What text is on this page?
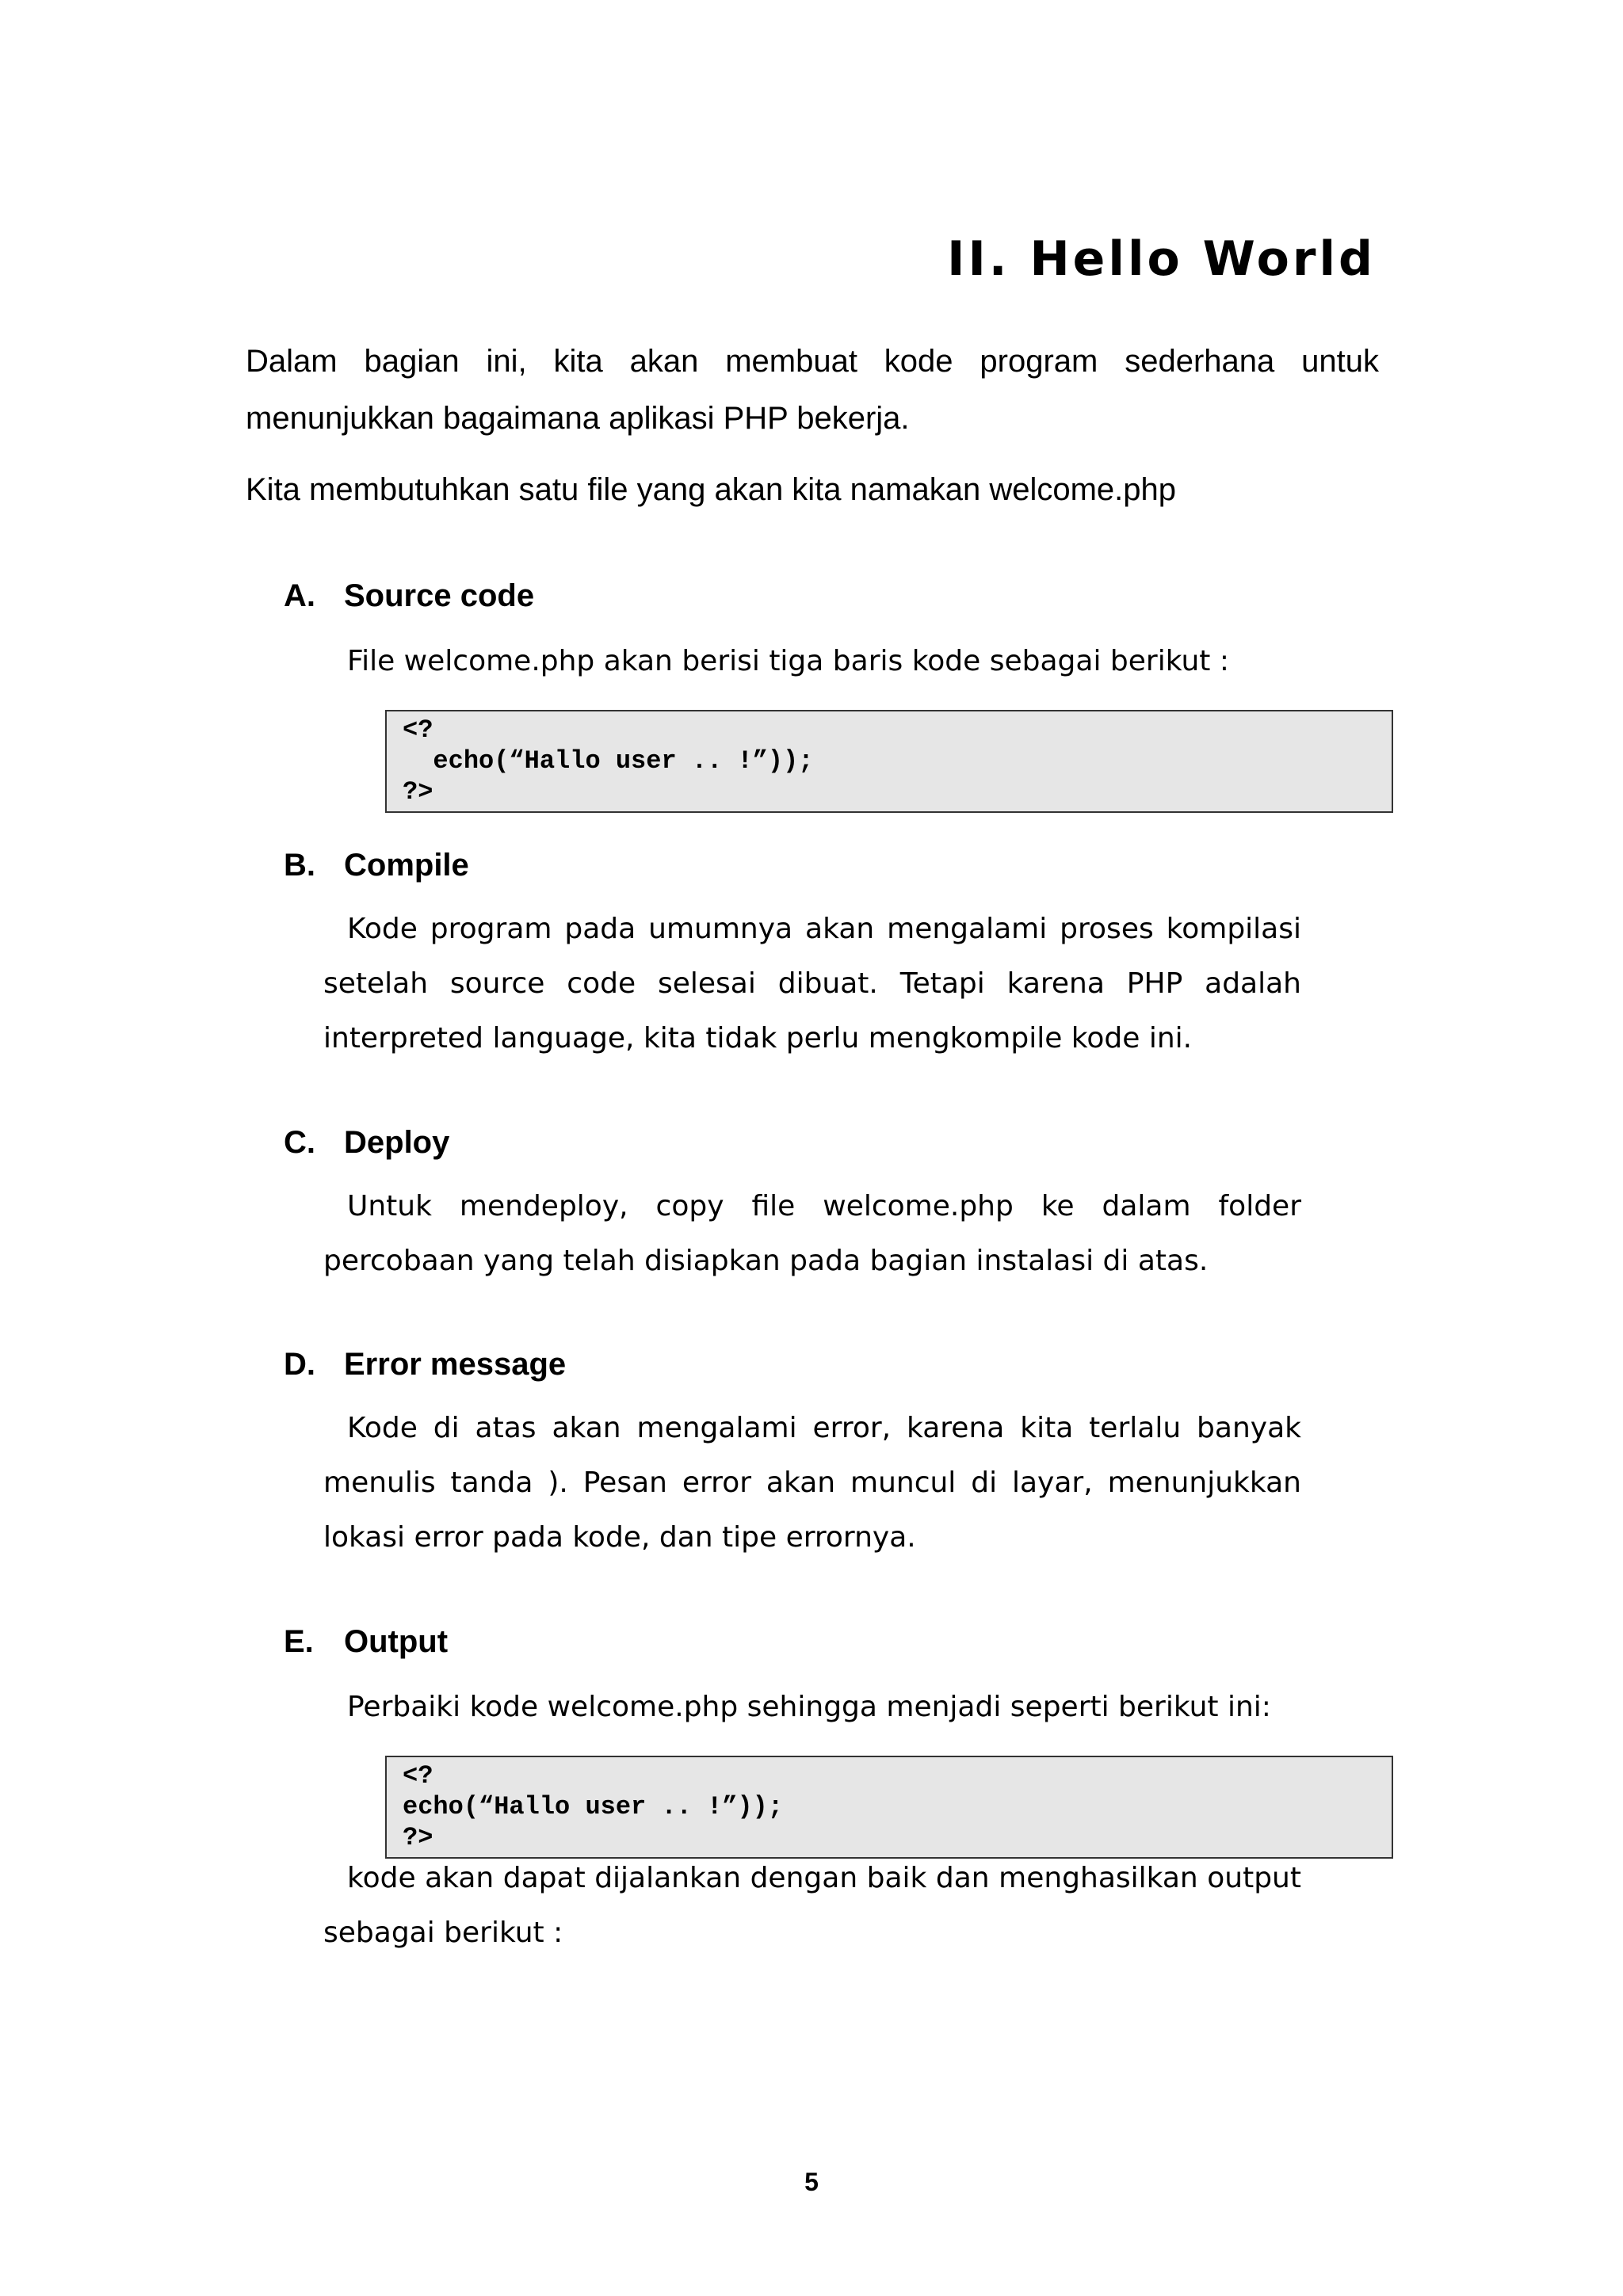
II. Hello World

Dalam bagian ini, kita akan membuat kode program sederhana untuk menunjukkan bagaimana aplikasi PHP bekerja.

Kita membutuhkan satu file yang akan kita namakan welcome.php

A. Source code

File welcome.php akan berisi tiga baris kode sebagai berikut :

<?
echo(“Hallo user .. !”));
?>
B. Compile

Kode program pada umumnya akan mengalami proses kompilasi setelah source code selesai dibuat. Tetapi karena PHP adalah interpreted language, kita tidak perlu mengkompile kode ini.

C. Deploy

Untuk mendeploy, copy file welcome.php ke dalam folder percobaan yang telah disiapkan pada bagian instalasi di atas.

D. Error message

Kode di atas akan mengalami error, karena kita terlalu banyak menulis tanda ). Pesan error akan muncul di layar, menunjukkan lokasi error pada kode, dan tipe errornya.

E. Output

Perbaiki kode welcome.php sehingga menjadi seperti berikut ini:

<?
echo(“Hallo user .. !”));
?>

kode akan dapat dijalankan dengan baik dan menghasilkan output sebagai berikut :

5
